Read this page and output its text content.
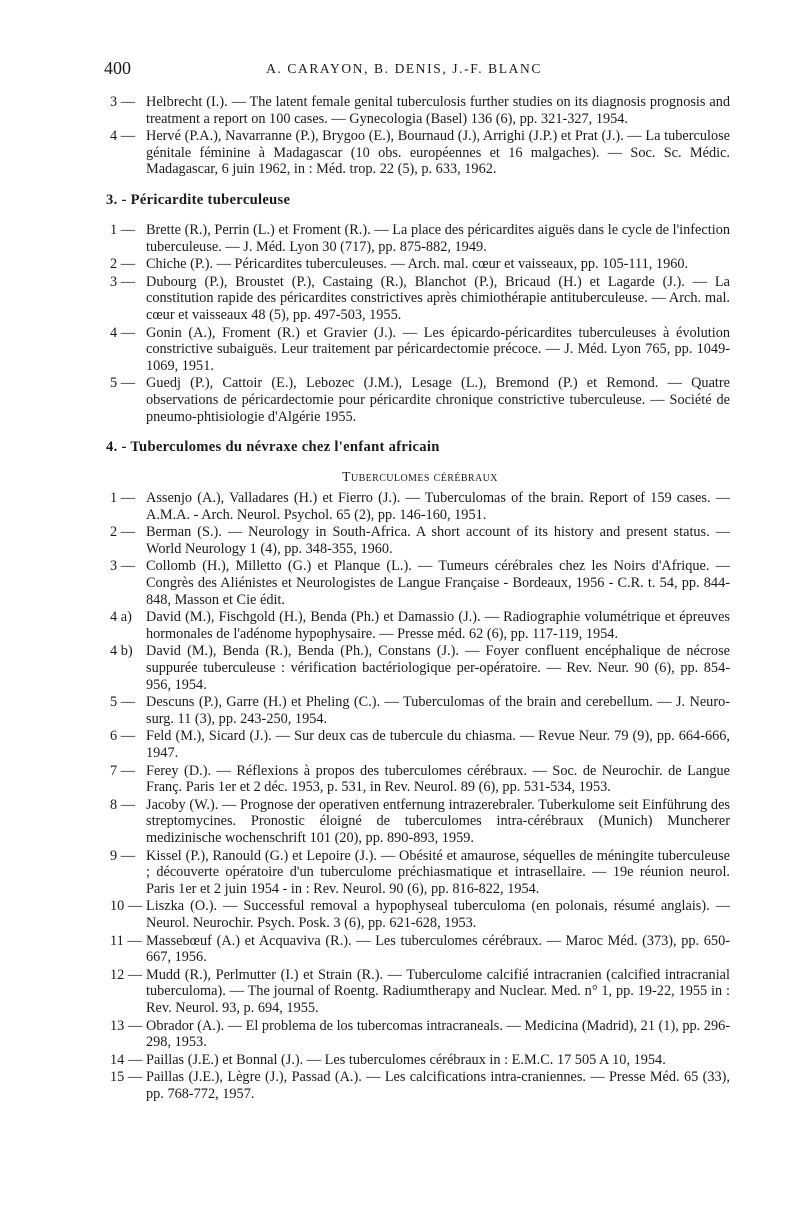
400	A. CARAYON, B. DENIS, J.-F. BLANC
3 — Helbrecht (I.). — The latent female genital tuberculosis further studies on its diagnosis prognosis and treatment a report on 100 cases. — Gynecologia (Basel) 136 (6), pp. 321-327, 1954.
4 — Hervé (P.A.), Navarranne (P.), Brygoo (E.), Bournaud (J.), Arrighi (J.P.) et Prat (J.). — La tuberculose génitale féminine à Madagascar (10 obs. européennes et 16 malgaches). — Soc. Sc. Médic. Madagascar, 6 juin 1962, in : Méd. trop. 22 (5), p. 633, 1962.
3. - Péricardite tuberculeuse
1 — Brette (R.), Perrin (L.) et Froment (R.). — La place des péricardites aiguës dans le cycle de l'infection tuberculeuse. — J. Méd. Lyon 30 (717), pp. 875-882, 1949.
2 — Chiche (P.). — Péricardites tuberculeuses. — Arch. mal. cœur et vaisseaux, pp. 105-111, 1960.
3 — Dubourg (P.), Broustet (P.), Castaing (R.), Blanchot (P.), Bricaud (H.) et Lagarde (J.). — La constitution rapide des péricardites constrictives après chimiothérapie antituberculeuse. — Arch. mal. cœur et vaisseaux 48 (5), pp. 497-503, 1955.
4 — Gonin (A.), Froment (R.) et Gravier (J.). — Les épicardo-péricardites tuberculeuses à évolution constrictive subaiguës. Leur traitement par péricardectomie précoce. — J. Méd. Lyon 765, pp. 1049-1069, 1951.
5 — Guedj (P.), Cattoir (E.), Lebozec (J.M.), Lesage (L.), Bremond (P.) et Remond. — Quatre observations de péricardectomie pour péricardite chronique constrictive tuberculeuse. — Société de pneumo-phtisiologie d'Algérie 1955.
4. - Tuberculomes du névraxe chez l'enfant africain
Tuberculomes cérébraux
1 — Assenjo (A.), Valladares (H.) et Fierro (J.). — Tuberculomas of the brain. Report of 159 cases. — A.M.A. - Arch. Neurol. Psychol. 65 (2), pp. 146-160, 1951.
2 — Berman (S.). — Neurology in South-Africa. A short account of its history and present status. — World Neurology 1 (4), pp. 348-355, 1960.
3 — Collomb (H.), Milletto (G.) et Planque (L.). — Tumeurs cérébrales chez les Noirs d'Afrique. — Congrès des Aliénistes et Neurologistes de Langue Française - Bordeaux, 1956 - C.R. t. 54, pp. 844-848, Masson et Cie édit.
4 a) David (M.), Fischgold (H.), Benda (Ph.) et Damassio (J.). — Radiographie volumétrique et épreuves hormonales de l'adénome hypophysaire. — Presse méd. 62 (6), pp. 117-119, 1954.
4 b) David (M.), Benda (R.), Benda (Ph.), Constans (J.). — Foyer confluent encéphalique de nécrose suppurée tuberculeuse : vérification bactériologique per-opératoire. — Rev. Neur. 90 (6), pp. 854-956, 1954.
5 — Descuns (P.), Garre (H.) et Pheling (C.). — Tuberculomas of the brain and cerebellum. — J. Neuro-surg. 11 (3), pp. 243-250, 1954.
6 — Feld (M.), Sicard (J.). — Sur deux cas de tubercule du chiasma. — Revue Neur. 79 (9), pp. 664-666, 1947.
7 — Ferey (D.). — Réflexions à propos des tuberculomes cérébraux. — Soc. de Neurochir. de Langue Franç. Paris 1er et 2 déc. 1953, p. 531, in Rev. Neurol. 89 (6), pp. 531-534, 1953.
8 — Jacoby (W.). — Prognose der operativen entfernung intrazerebraler. Tuberkulome seit Einführung des streptomycines. Pronostic éloigné de tuberculomes intra-cérébraux (Munich) Muncherer medizinische wochenschrift 101 (20), pp. 890-893, 1959.
9 — Kissel (P.), Ranould (G.) et Lepoire (J.). — Obésité et amaurose, séquelles de méningite tuberculeuse ; découverte opératoire d'un tuberculome préchiasmatique et intrasellaire. — 19e réunion neurol. Paris 1er et 2 juin 1954 - in : Rev. Neurol. 90 (6), pp. 816-822, 1954.
10 — Liszka (O.). — Successful removal a hypophyseal tuberculoma (en polonais, résumé anglais). — Neurol. Neurochir. Psych. Posk. 3 (6), pp. 621-628, 1953.
11 — Massebœuf (A.) et Acquaviva (R.). — Les tuberculomes cérébraux. — Maroc Méd. (373), pp. 650-667, 1956.
12 — Mudd (R.), Perlmutter (I.) et Strain (R.). — Tuberculome calcifié intracranien (calcified intracranial tuberculoma). — The journal of Roentg. Radiumtherapy and Nuclear. Med. n° 1, pp. 19-22, 1955 in : Rev. Neurol. 93, p. 694, 1955.
13 — Obrador (A.). — El problema de los tubercomas intracraneals. — Medicina (Madrid), 21 (1), pp. 296-298, 1953.
14 — Paillas (J.E.) et Bonnal (J.). — Les tuberculomes cérébraux in : E.M.C. 17 505 A 10, 1954.
15 — Paillas (J.E.), Lègre (J.), Passad (A.). — Les calcifications intra-craniennes. — Presse Méd. 65 (33), pp. 768-772, 1957.
